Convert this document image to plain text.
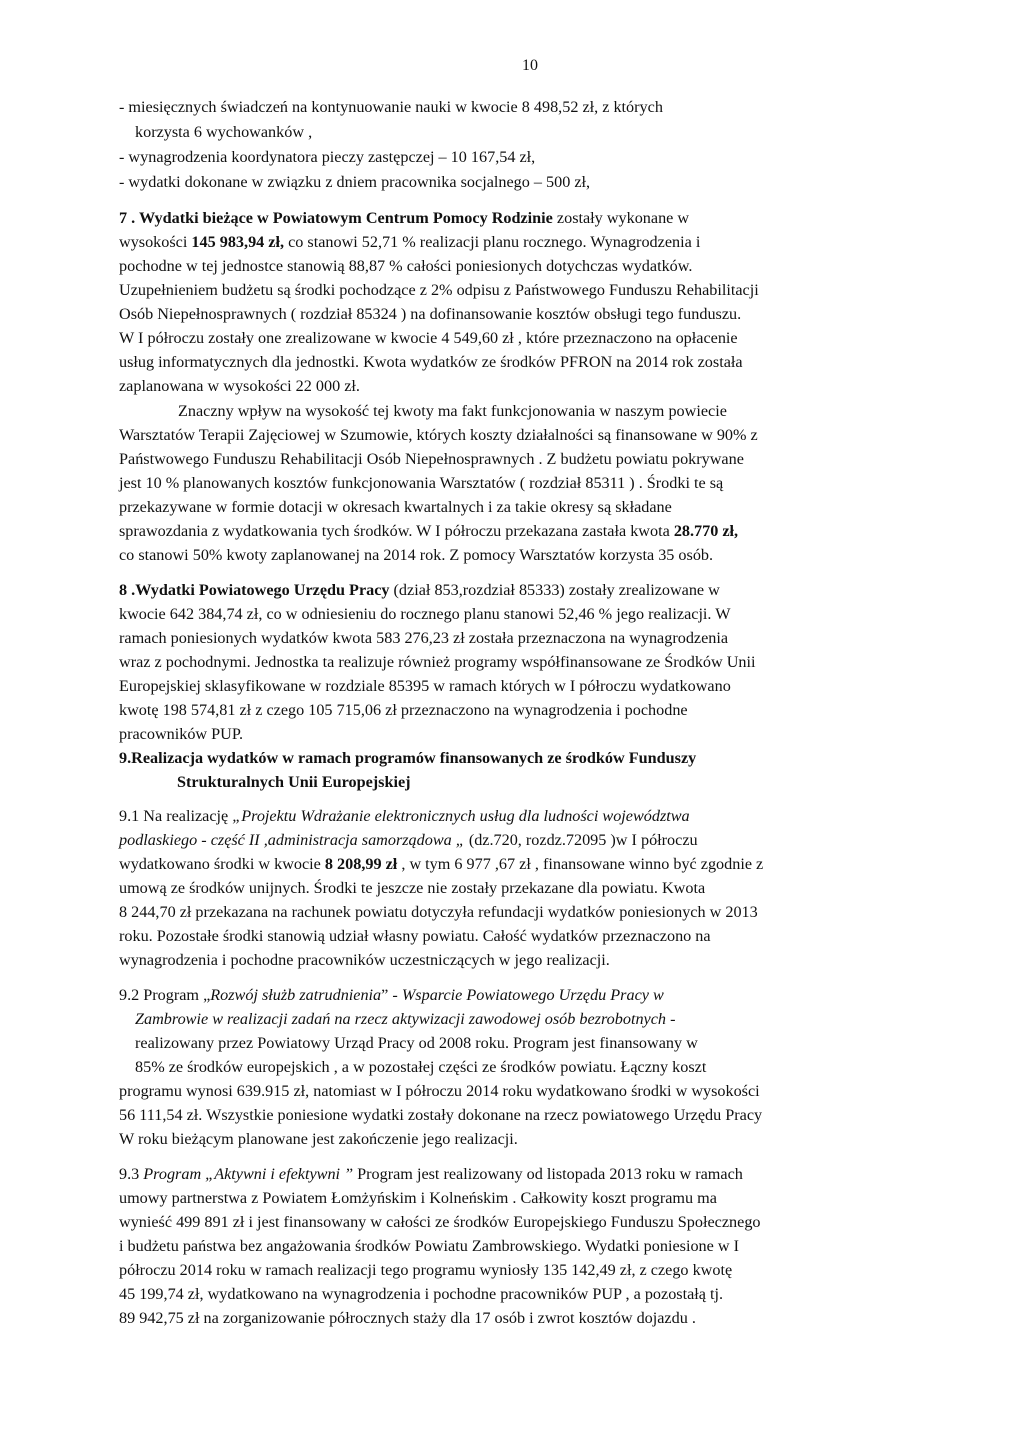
10
- miesięcznych świadczeń na kontynuowanie nauki w kwocie 8 498,52 zł, z których
korzysta 6 wychowanków ,
- wynagrodzenia koordynatora pieczy zastępczej – 10 167,54 zł,
- wydatki dokonane w związku z dniem pracownika socjalnego – 500 zł,
7 . Wydatki bieżące w Powiatowym Centrum Pomocy Rodzinie zostały wykonane w
wysokości 145 983,94 zł, co stanowi 52,71 % realizacji planu rocznego. Wynagrodzenia i
pochodne w tej jednostce stanowią 88,87 % całości poniesionych dotychczas wydatków.
Uzupełnieniem budżetu są środki pochodzące z 2% odpisu z Państwowego Funduszu Rehabilitacji
Osób Niepełnosprawnych ( rozdział 85324 ) na dofinansowanie kosztów obsługi tego funduszu.
W I półroczu zostały one zrealizowane w kwocie 4 549,60 zł , które przeznaczono na opłacenie
usług informatycznych dla jednostki. Kwota wydatków ze środków PFRON na 2014 rok została
zaplanowana w wysokości 22 000 zł.
Znaczny wpływ na wysokość tej kwoty ma fakt funkcjonowania w naszym powiecie
Warsztatów Terapii Zajęciowej w Szumowie, których koszty działalności są finansowane w 90% z
Państwowego Funduszu Rehabilitacji Osób Niepełnosprawnych . Z budżetu powiatu pokrywane
jest 10 % planowanych kosztów funkcjonowania Warsztatów ( rozdział 85311 ) . Środki te są
przekazywane w formie dotacji w okresach kwartalnych i za takie okresy są składane
sprawozdania z wydatkowania tych środków. W I półroczu przekazana zastała kwota 28.770 zł,
co stanowi 50% kwoty zaplanowanej na 2014 rok. Z pomocy Warsztatów korzysta 35 osób.
8 .Wydatki Powiatowego Urzędu Pracy (dział 853,rozdział 85333) zostały zrealizowane w
kwocie 642 384,74 zł, co w odniesieniu do rocznego planu stanowi 52,46 % jego realizacji. W
ramach poniesionych wydatków kwota 583 276,23 zł została przeznaczona na wynagrodzenia
wraz z pochodnymi. Jednostka ta realizuje również programy współfinansowane ze Środków Unii
Europejskiej sklasyfikowane w rozdziale 85395 w ramach których w I półroczu wydatkowano
kwotę 198 574,81 zł z czego 105 715,06 zł przeznaczono na wynagrodzenia i pochodne
pracowników PUP.
9.Realizacja wydatków w ramach programów finansowanych ze środków Funduszy
Strukturalnych Unii Europejskiej
9.1 Na realizację „Projektu Wdrażanie elektronicznych usług dla ludności województwa
podlaskiego - część II ,administracja samorządowa „ (dz.720, rozdz.72095 )w I półroczu
wydatkowano środki w kwocie 8 208,99 zł , w tym 6 977 ,67 zł , finansowane winno być zgodnie z
umową ze środków unijnych. Środki te jeszcze nie zostały przekazane dla powiatu. Kwota
8 244,70 zł przekazana na rachunek powiatu dotyczyła refundacji wydatków poniesionych w 2013
roku. Pozostałe środki stanowią udział własny powiatu. Całość wydatków przeznaczono na
wynagrodzenia i pochodne pracowników uczestniczących w jego realizacji.
9.2 Program „Rozwój służb zatrudnienia” - Wsparcie Powiatowego Urzędu Pracy w
Zambrowie w realizacji zadań na rzecz aktywizacji zawodowej osób bezrobotnych -
realizowany przez Powiatowy Urząd Pracy od 2008 roku. Program jest finansowany w
85% ze środków europejskich , a w pozostałej części ze środków powiatu. Łączny koszt
programu wynosi 639.915 zł, natomiast w I półroczu 2014 roku wydatkowano środki w wysokości
56 111,54 zł. Wszystkie poniesione wydatki zostały dokonane na rzecz powiatowego Urzędu Pracy
W roku bieżącym planowane jest zakończenie jego realizacji.
9.3 Program „Aktywni i efektywni ” Program jest realizowany od listopada 2013 roku w ramach
umowy partnerstwa z Powiatem Łomżyńskim i Kolneńskim . Całkowity koszt programu ma
wynieść 499 891 zł i jest finansowany w całości ze środków Europejskiego Funduszu Społecznego
i budżetu państwa bez angażowania środków Powiatu Zambrowskiego. Wydatki poniesione w I
półroczu 2014 roku w ramach realizacji tego programu wyniosły 135 142,49 zł, z czego kwotę
45 199,74 zł, wydatkowano na wynagrodzenia i pochodne pracowników PUP , a pozostałą tj.
89 942,75 zł na zorganizowanie półrocznych staży dla 17 osób i zwrot kosztów dojazdu .
